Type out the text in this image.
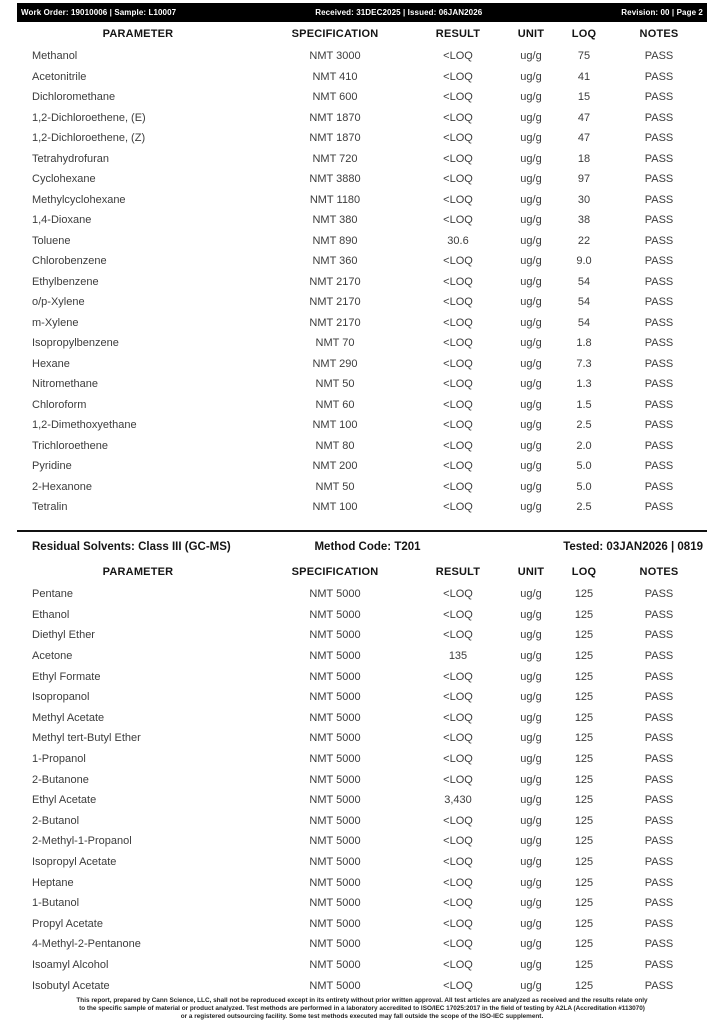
Work Order: 19010006 | Sample: L10007	Received: 31DEC2025 | Issued: 06JAN2026	Revision: 00 | Page 2
PARAMETER	SPECIFICATION	RESULT	UNIT	LOQ	NOTES
Methanol	NMT 3000	<LOQ	ug/g	75	PASS
Acetonitrile	NMT 410	<LOQ	ug/g	41	PASS
Dichloromethane	NMT 600	<LOQ	ug/g	15	PASS
1,2-Dichloroethene, (E)	NMT 1870	<LOQ	ug/g	47	PASS
1,2-Dichloroethene, (Z)	NMT 1870	<LOQ	ug/g	47	PASS
Tetrahydrofuran	NMT 720	<LOQ	ug/g	18	PASS
Cyclohexane	NMT 3880	<LOQ	ug/g	97	PASS
Methylcyclohexane	NMT 1180	<LOQ	ug/g	30	PASS
1,4-Dioxane	NMT 380	<LOQ	ug/g	38	PASS
Toluene	NMT 890	30.6	ug/g	22	PASS
Chlorobenzene	NMT 360	<LOQ	ug/g	9.0	PASS
Ethylbenzene	NMT 2170	<LOQ	ug/g	54	PASS
o/p-Xylene	NMT 2170	<LOQ	ug/g	54	PASS
m-Xylene	NMT 2170	<LOQ	ug/g	54	PASS
Isopropylbenzene	NMT 70	<LOQ	ug/g	1.8	PASS
Hexane	NMT 290	<LOQ	ug/g	7.3	PASS
Nitromethane	NMT 50	<LOQ	ug/g	1.3	PASS
Chloroform	NMT 60	<LOQ	ug/g	1.5	PASS
1,2-Dimethoxyethane	NMT 100	<LOQ	ug/g	2.5	PASS
Trichloroethene	NMT 80	<LOQ	ug/g	2.0	PASS
Pyridine	NMT 200	<LOQ	ug/g	5.0	PASS
2-Hexanone	NMT 50	<LOQ	ug/g	5.0	PASS
Tetralin	NMT 100	<LOQ	ug/g	2.5	PASS
Residual Solvents: Class III (GC-MS)	Method Code: T201	Tested: 03JAN2026 | 0819
PARAMETER	SPECIFICATION	RESULT	UNIT	LOQ	NOTES
Pentane	NMT 5000	<LOQ	ug/g	125	PASS
Ethanol	NMT 5000	<LOQ	ug/g	125	PASS
Diethyl Ether	NMT 5000	<LOQ	ug/g	125	PASS
Acetone	NMT 5000	135	ug/g	125	PASS
Ethyl Formate	NMT 5000	<LOQ	ug/g	125	PASS
Isopropanol	NMT 5000	<LOQ	ug/g	125	PASS
Methyl Acetate	NMT 5000	<LOQ	ug/g	125	PASS
Methyl tert-Butyl Ether	NMT 5000	<LOQ	ug/g	125	PASS
1-Propanol	NMT 5000	<LOQ	ug/g	125	PASS
2-Butanone	NMT 5000	<LOQ	ug/g	125	PASS
Ethyl Acetate	NMT 5000	3,430	ug/g	125	PASS
2-Butanol	NMT 5000	<LOQ	ug/g	125	PASS
2-Methyl-1-Propanol	NMT 5000	<LOQ	ug/g	125	PASS
Isopropyl Acetate	NMT 5000	<LOQ	ug/g	125	PASS
Heptane	NMT 5000	<LOQ	ug/g	125	PASS
1-Butanol	NMT 5000	<LOQ	ug/g	125	PASS
Propyl Acetate	NMT 5000	<LOQ	ug/g	125	PASS
4-Methyl-2-Pentanone	NMT 5000	<LOQ	ug/g	125	PASS
Isoamyl Alcohol	NMT 5000	<LOQ	ug/g	125	PASS
Isobutyl Acetate	NMT 5000	<LOQ	ug/g	125	PASS
This report, prepared by Cann Science, LLC, shall not be reproduced except in its entirety without prior written approval. All test articles are analyzed as received and the results relate only
to the specific sample of material or product analyzed. Test methods are performed in a laboratory accredited to ISO/IEC 17025:2017 in the field of testing by A2LA (Accreditation #113070)
or a registered outsourcing facility. Some test methods executed may fall outside the scope of the ISO-IEC supplement.
